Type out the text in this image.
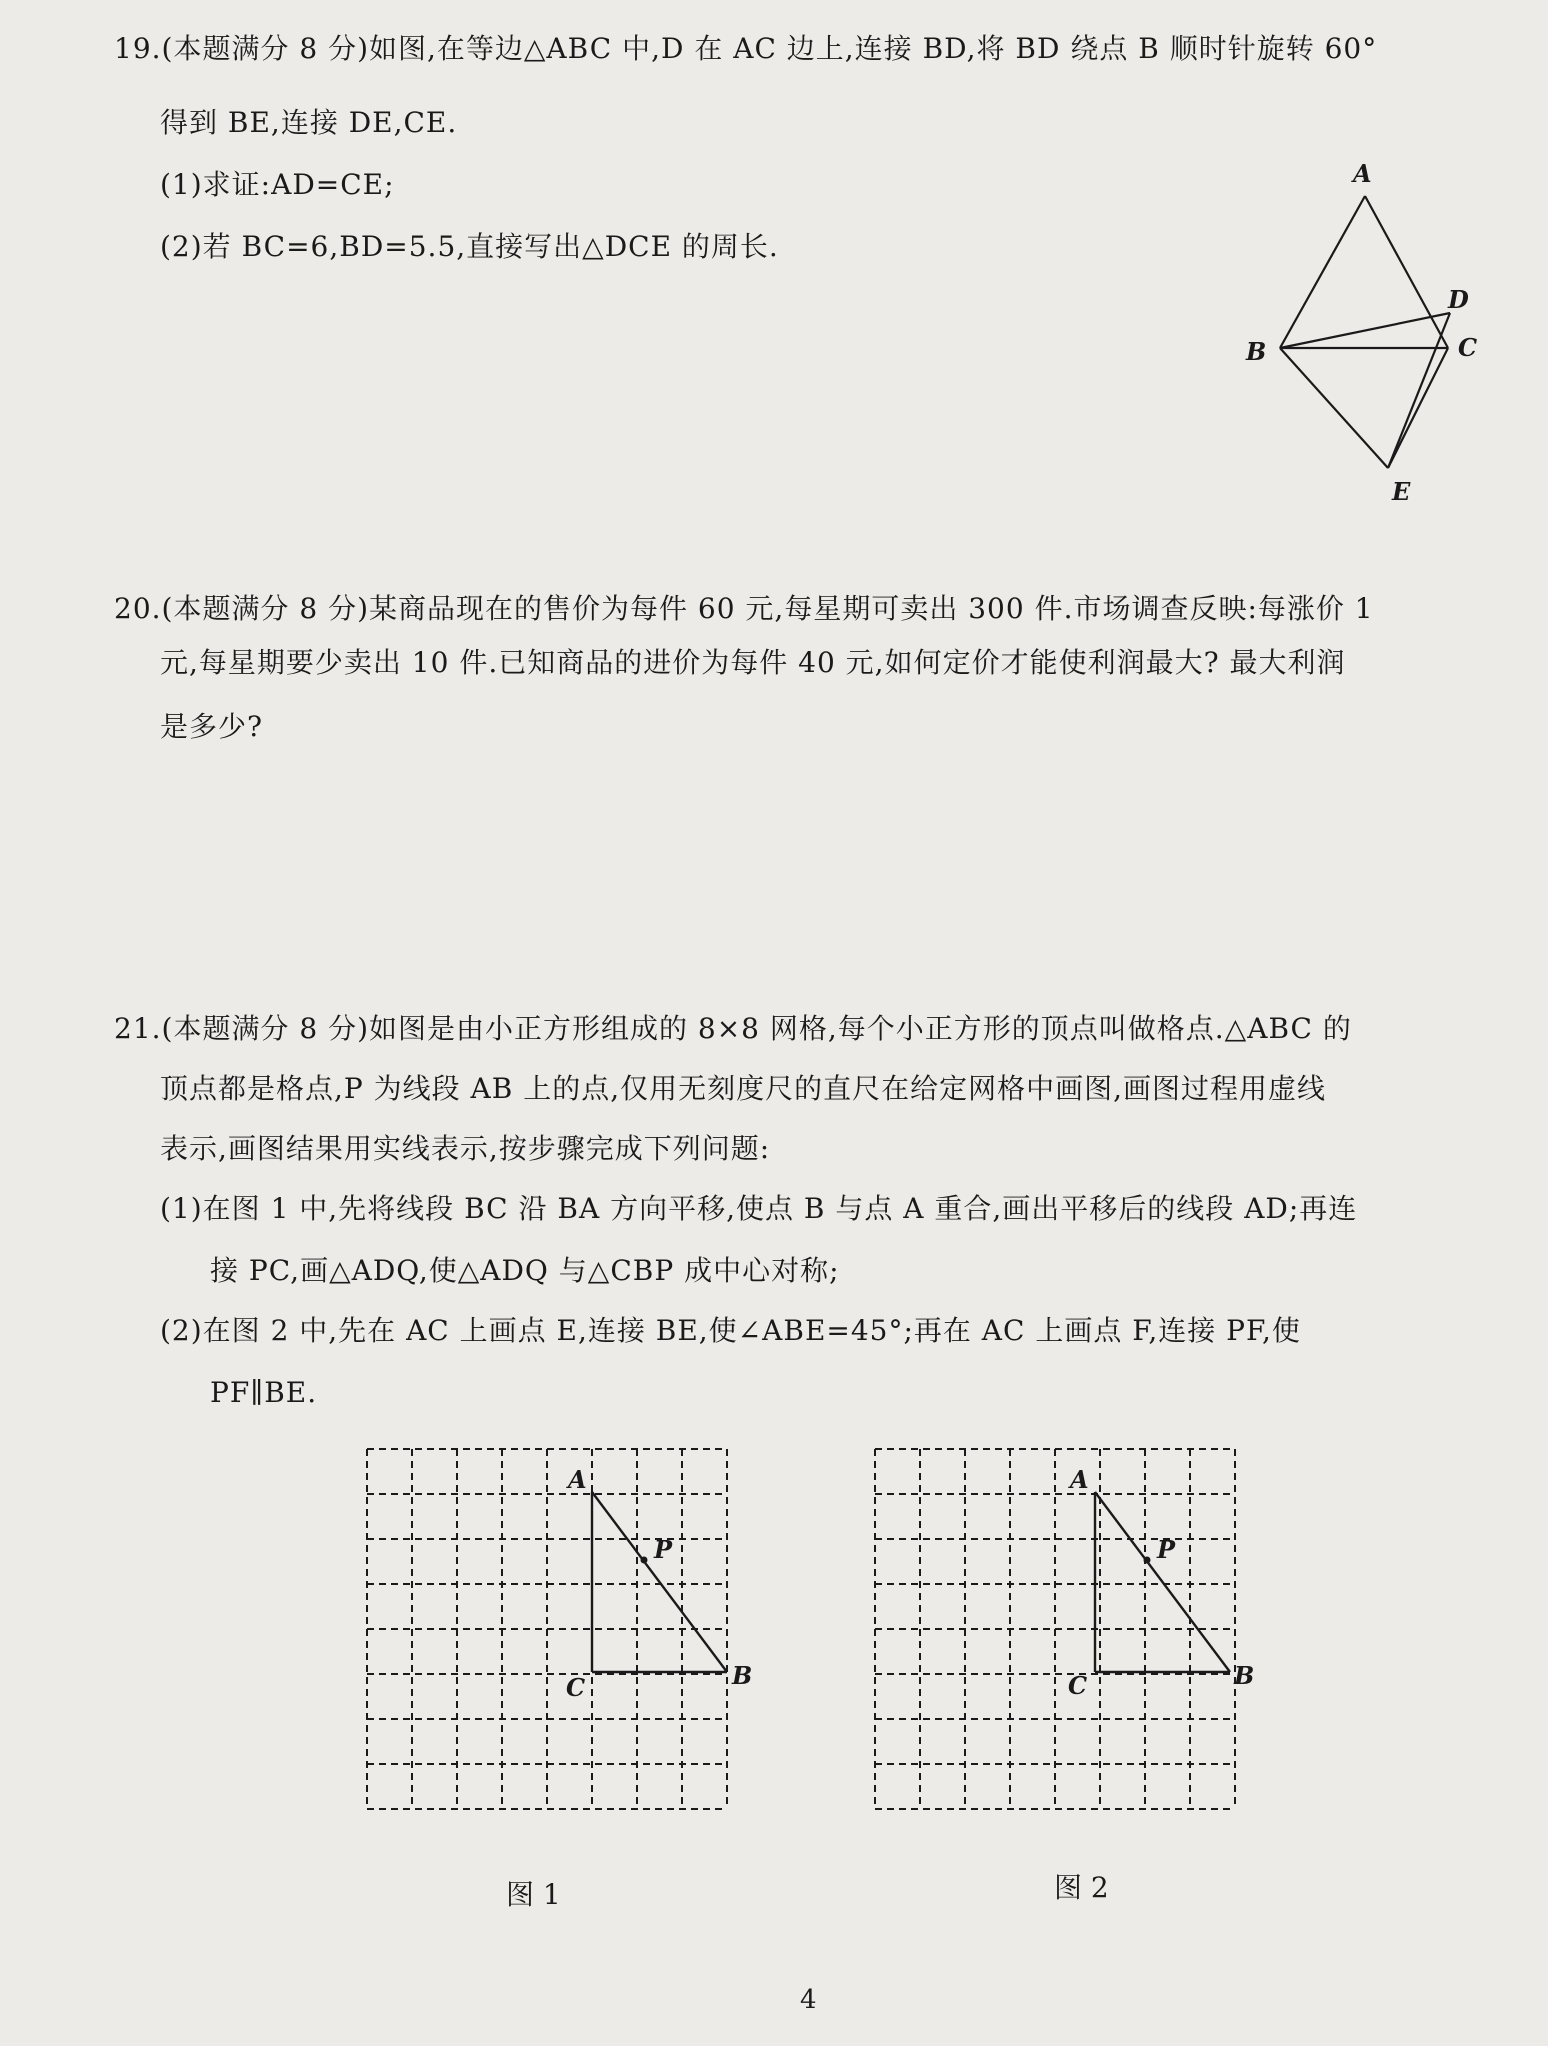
19.(本题满分 8 分)如图,在等边△ABC 中,D 在 AC 边上,连接 BD,将 BD 绕点 B 顺时针旋转 60°
得到 BE,连接 DE,CE.
(1)求证:AD=CE;
(2)若 BC=6,BD=5.5,直接写出△DCE 的周长.
A
B	C
D
E
20.(本题满分 8 分)某商品现在的售价为每件 60 元,每星期可卖出 300 件.市场调查反映:每涨价 1
元,每星期要少卖出 10 件.已知商品的进价为每件 40 元,如何定价才能使利润最大? 最大利润
是多少?
21.(本题满分 8 分)如图是由小正方形组成的 8×8 网格,每个小正方形的顶点叫做格点.△ABC 的
顶点都是格点,P 为线段 AB 上的点,仅用无刻度尺的直尺在给定网格中画图,画图过程用虚线
表示,画图结果用实线表示,按步骤完成下列问题:
(1)在图 1 中,先将线段 BC 沿 BA 方向平移,使点 B 与点 A 重合,画出平移后的线段 AD;再连
接 PC,画△ADQ,使△ADQ 与△CBP 成中心对称;
(2)在图 2 中,先在 AC 上画点 E,连接 BE,使∠ABE=45°;再在 AC 上画点 F,连接 PF,使
PF∥BE.
A
P
C	B
图 1
A
P
C	B
图 2
4
